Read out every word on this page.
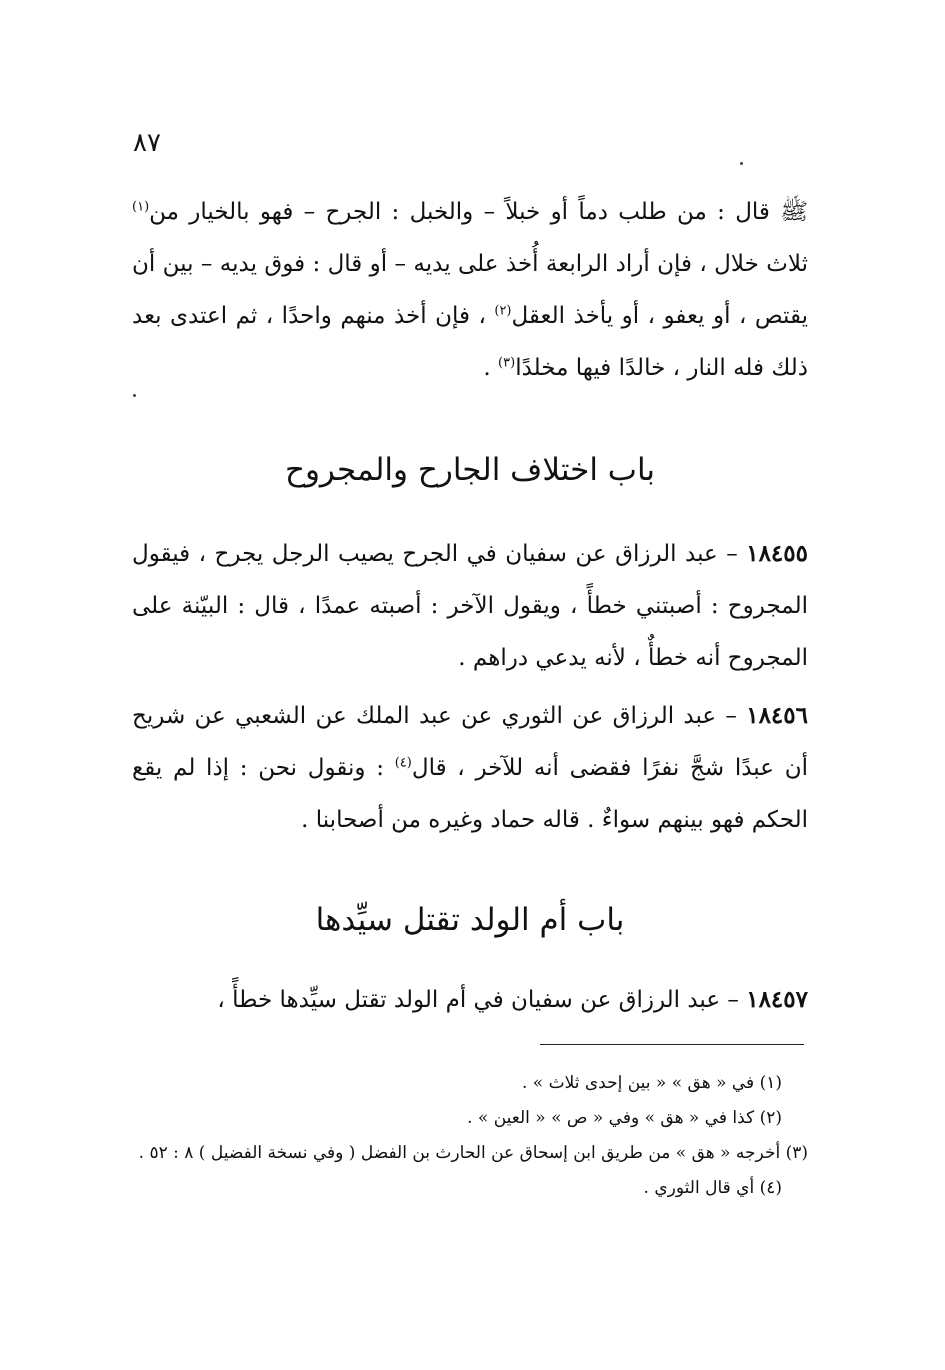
٨٧
ﷺ قال : من طلب دماً أو خبلاً – والخبل : الجرح – فهو بالخيار من$^{(١)}$ ثلاث خلال ، فإن أراد الرابعة أُخذ على يديه – أو قال : فوق يديه – بين أن يقتص ، أو يعفو ، أو يأخذ العقل$^{(٢)}$ ، فإن أخذ منهم واحدًا ، ثم اعتدى بعد ذلك فله النار ، خالدًا فيها مخلدًا$^{(٣)}$ .
باب اختلاف الجارح والمجروح
١٨٤٥٥ – عبد الرزاق عن سفيان في الجرح يصيب الرجل يجرح ، فيقول المجروح : أصبتني خطأً ، ويقول الآخر : أصبته عمدًا ، قال : البيّنة على المجروح أنه خطأٌ ، لأنه يدعي دراهم .
١٨٤٥٦ – عبد الرزاق عن الثوري عن عبد الملك عن الشعبي عن شريح أن عبدًا شجَّ نفرًا فقضى أنه للآخر ، قال$^{(٤)}$ : ونقول نحن : إذا لم يقع الحكم فهو بينهم سواءٌ . قاله حماد وغيره من أصحابنا .
باب أم الولد تقتل سيِّدها
١٨٤٥٧ – عبد الرزاق عن سفيان في أم الولد تقتل سيِّدها خطأً ،

(١) في « هق » « بين إحدى ثلاث » .

(٢) كذا في « هق » وفي « ص » « العين » .

(٣) أخرجه « هق » من طريق ابن إسحاق عن الحارث بن الفضل ( وفي نسخة الفضيل ) ٨ : ٥٢ .

(٤) أي قال الثوري .
